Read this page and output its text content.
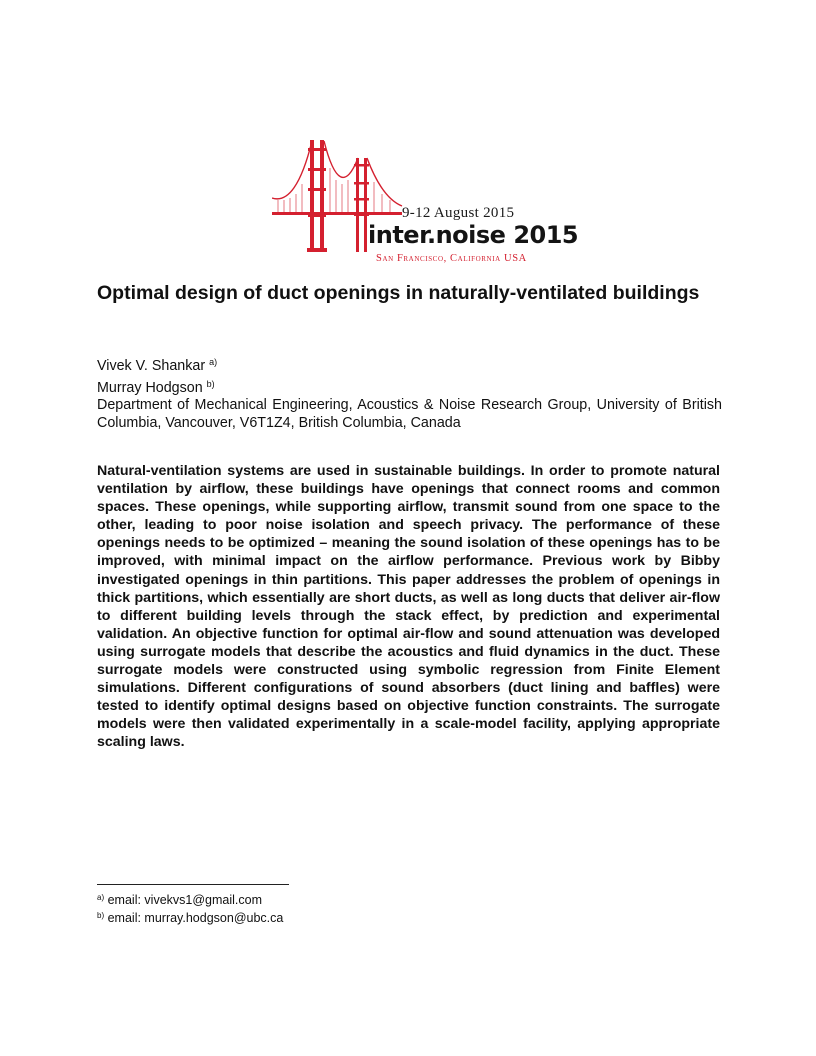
9-12 August 2015
inter.noise 2015
San Francisco, California USA
Optimal design of duct openings in naturally-ventilated buildings
Vivek V. Shankar $^{a)}$
Murray Hodgson $^{b)}$
Department of Mechanical Engineering, Acoustics & Noise Research Group, University of British Columbia, Vancouver, V6T1Z4, British Columbia, Canada
Natural-ventilation systems are used in sustainable buildings. In order to promote natural ventilation by airflow, these buildings have openings that connect rooms and common spaces. These openings, while supporting airflow, transmit sound from one space to the other, leading to poor noise isolation and speech privacy. The performance of these openings needs to be optimized – meaning the sound isolation of these openings has to be improved, with minimal impact on the airflow performance. Previous work by Bibby investigated openings in thin partitions. This paper addresses the problem of openings in thick partitions, which essentially are short ducts, as well as long ducts that deliver air-flow to different building levels through the stack effect, by prediction and experimental validation. An objective function for optimal air-flow and sound attenuation was developed using surrogate models that describe the acoustics and fluid dynamics in the duct. These surrogate models were constructed using symbolic regression from Finite Element simulations. Different configurations of sound absorbers (duct lining and baffles) were tested to identify optimal designs based on objective function constraints. The surrogate models were then validated experimentally in a scale-model facility, applying appropriate scaling laws.
$^{a)}$ email: vivekvs1@gmail.com
$^{b)}$ email: murray.hodgson@ubc.ca
